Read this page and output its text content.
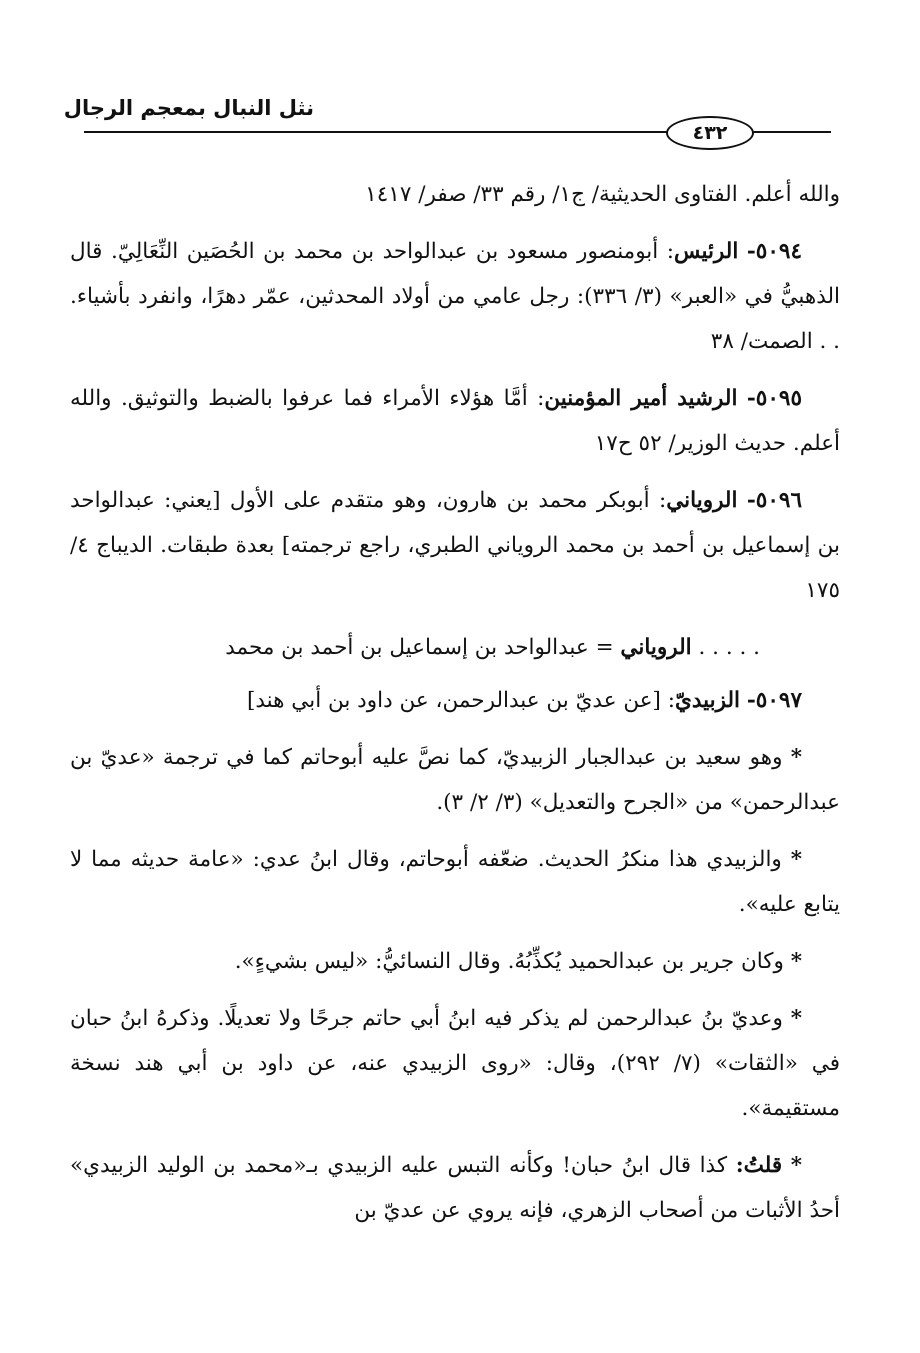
نثل النبال بمعجم الرجال
٤٣٢

والله أعلم. الفتاوى الحديثية/ ج١/ رقم ٣٣/ صفر/ ١٤١٧

٥٠٩٤- الرئيس: أبومنصور مسعود بن عبدالواحد بن محمد بن الحُصَين النِّعَالِيّ. قال الذهبيُّ في «العبر» (٣/ ٣٣٦): رجل عامي من أولاد المحدثين، عمّر دهرًا، وانفرد بأشياء. . . الصمت/ ٣٨

٥٠٩٥- الرشيد أمير المؤمنين: أمَّا هؤلاء الأمراء فما عرفوا بالضبط والتوثيق. والله أعلم. حديث الوزير/ ٥٢ ح١٧

٥٠٩٦- الروياني: أبوبكر محمد بن هارون، وهو متقدم على الأول [يعني: عبدالواحد بن إسماعيل بن أحمد بن محمد الروياني الطبري، راجع ترجمته] بعدة طبقات. الديباج ٤/ ١٧٥

. . . . . الروياني = عبدالواحد بن إسماعيل بن أحمد بن محمد

٥٠٩٧- الزبيديّ: [عن عديّ بن عبدالرحمن، عن داود بن أبي هند]

* وهو سعيد بن عبدالجبار الزبيديّ، كما نصَّ عليه أبوحاتم كما في ترجمة «عديّ بن عبدالرحمن» من «الجرح والتعديل» (٣/ ٢/ ٣).

* والزبيدي هذا منكرُ الحديث. ضعّفه أبوحاتم، وقال ابنُ عدي: «عامة حديثه مما لا يتابع عليه».

* وكان جرير بن عبدالحميد يُكذِّبُهُ. وقال النسائيُّ: «ليس بشيءٍ».

* وعديّ بنُ عبدالرحمن لم يذكر فيه ابنُ أبي حاتم جرحًا ولا تعديلًا. وذكرهُ ابنُ حبان في «الثقات» (٧/ ٢٩٢)، وقال: «روى الزبيدي عنه، عن داود بن أبي هند نسخة مستقيمة».

* قلتُ: كذا قال ابنُ حبان! وكأنه التبس عليه الزبيدي بـ«محمد بن الوليد الزبيدي» أحدُ الأثبات من أصحاب الزهري، فإنه يروي عن عديّ بن
